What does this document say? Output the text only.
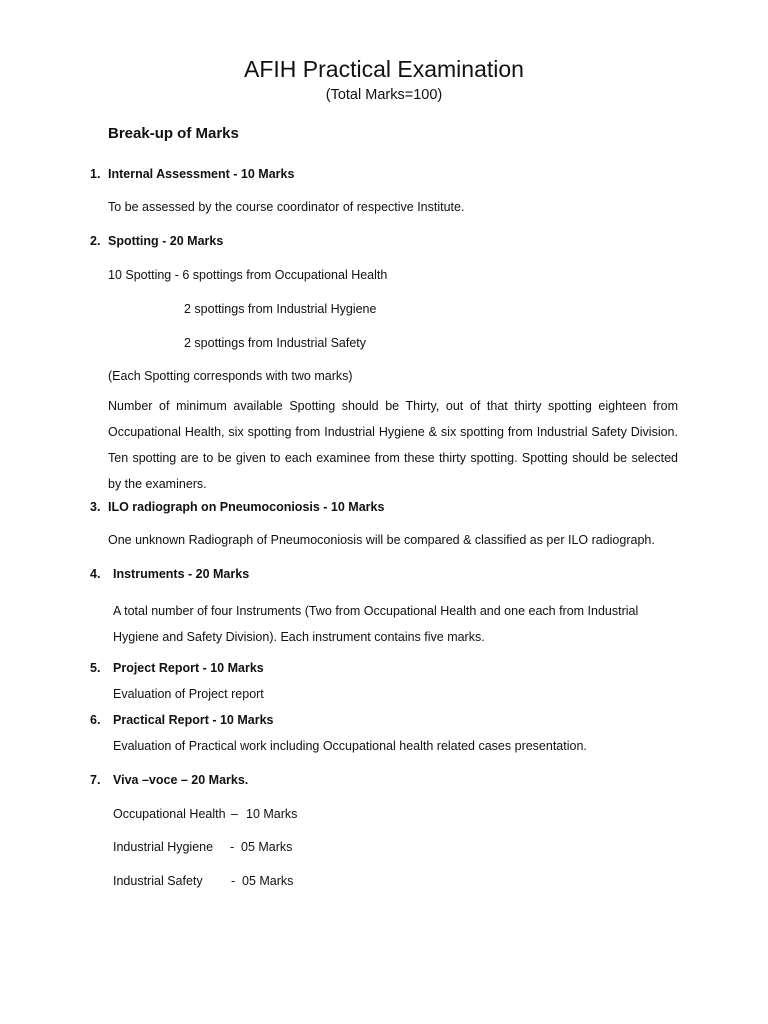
AFIH Practical Examination
(Total Marks=100)
Break-up of Marks
1. Internal Assessment - 10 Marks
To be assessed by the course coordinator of respective Institute.
2. Spotting - 20 Marks
10 Spotting - 6 spottings from Occupational Health
2 spottings from Industrial Hygiene
2 spottings from Industrial Safety
(Each Spotting corresponds with two marks)
Number of minimum available Spotting should be Thirty, out of that thirty spotting eighteen from Occupational Health, six spotting from Industrial Hygiene & six spotting from Industrial Safety Division. Ten spotting are to be given to each examinee from these thirty spotting. Spotting should be selected by the examiners.
3. ILO radiograph on Pneumoconiosis - 10 Marks
One unknown Radiograph of Pneumoconiosis will be compared & classified as per ILO radiograph.
4.	Instruments - 20 Marks
A total number of four Instruments (Two from Occupational Health and one each from Industrial Hygiene and Safety Division). Each instrument contains five marks.
5.	Project Report - 10 Marks
Evaluation of Project report
6.	Practical Report - 10 Marks
Evaluation of Practical work including Occupational health related cases presentation.
7.	Viva –voce – 20 Marks.
Occupational Health – 10 Marks
Industrial Hygiene - 05 Marks
Industrial Safety - 05 Marks
